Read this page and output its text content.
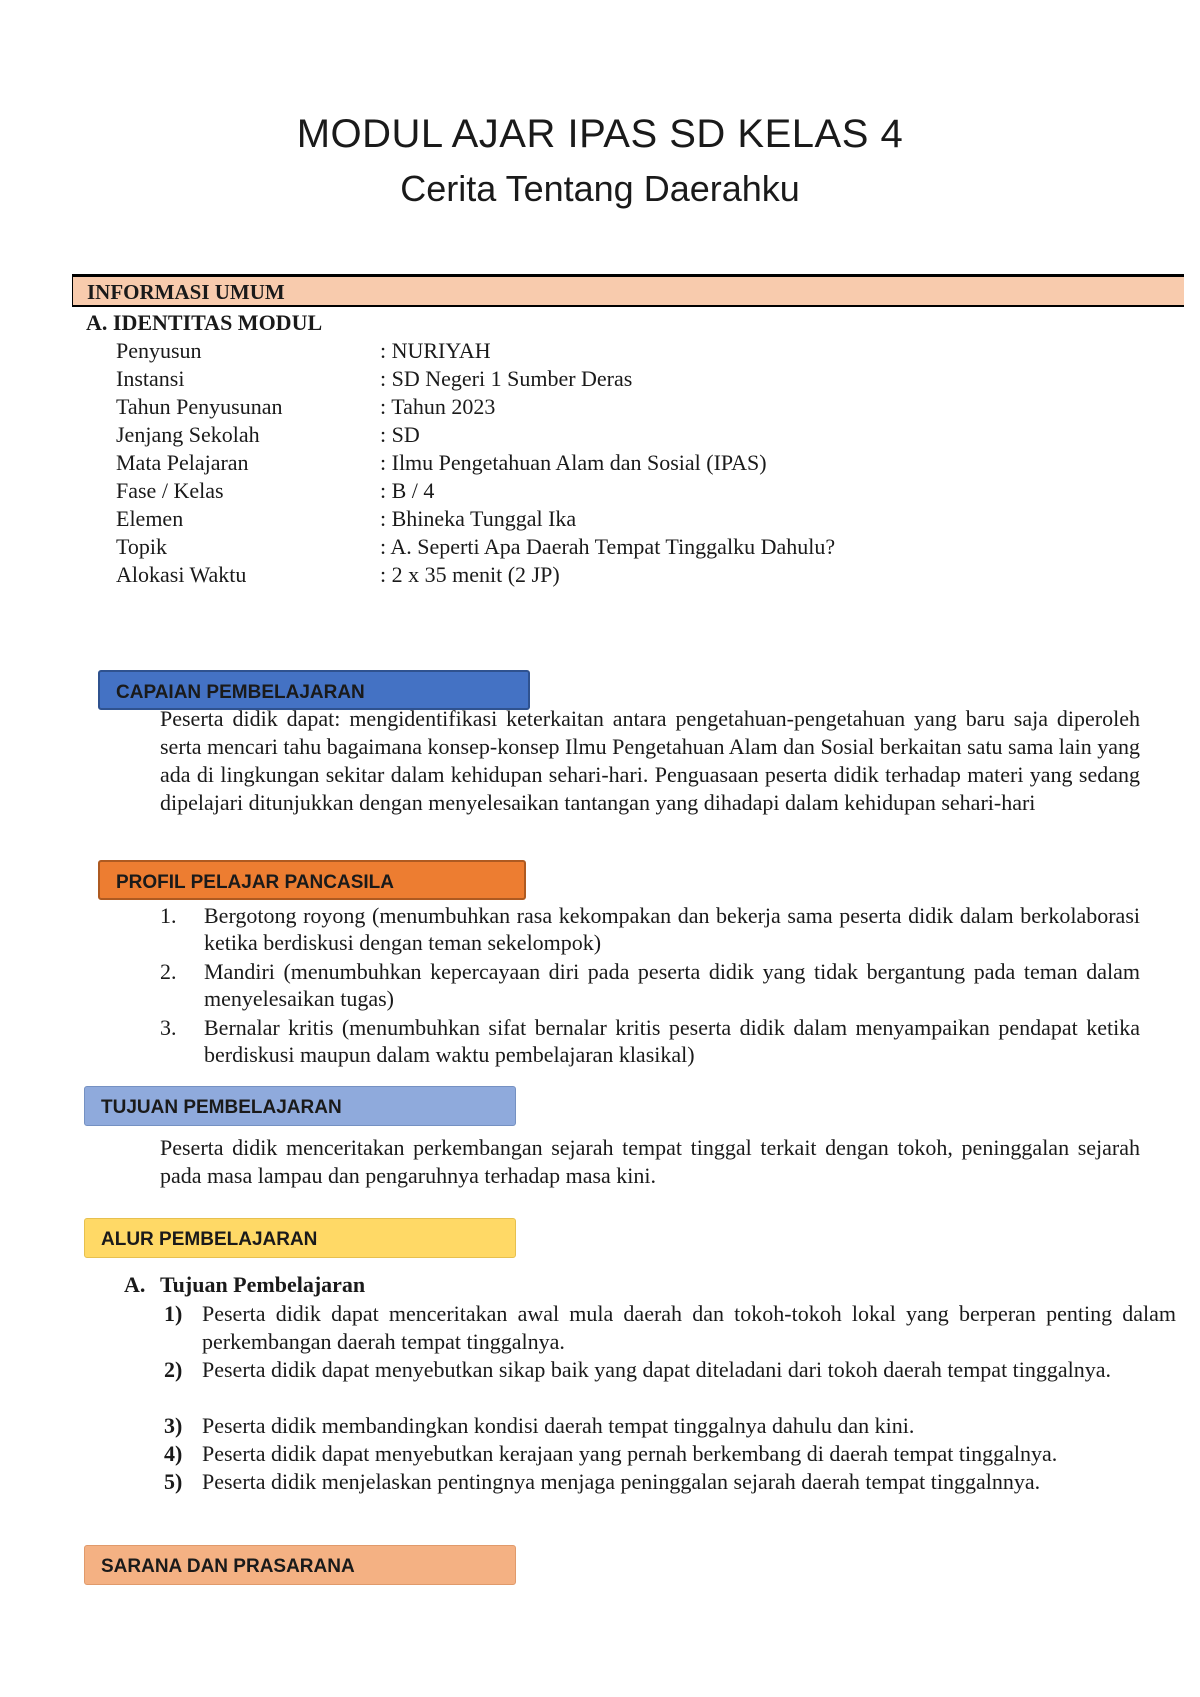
MODUL AJAR IPAS SD KELAS 4
Cerita Tentang Daerahku
INFORMASI UMUM
A. IDENTITAS MODUL
Penyusun	: NURIYAH
Instansi	: SD Negeri 1 Sumber Deras
Tahun Penyusunan	: Tahun 2023
Jenjang Sekolah	: SD
Mata Pelajaran	: Ilmu Pengetahuan Alam dan Sosial (IPAS)
Fase / Kelas	: B / 4
Elemen	: Bhineka Tunggal Ika
Topik	: A. Seperti Apa Daerah Tempat Tinggalku Dahulu?
Alokasi Waktu	: 2 x 35 menit (2 JP)
CAPAIAN PEMBELAJARAN
Peserta didik dapat: mengidentifikasi keterkaitan antara pengetahuan-pengetahuan yang baru saja diperoleh serta mencari tahu bagaimana konsep-konsep Ilmu Pengetahuan Alam dan Sosial berkaitan satu sama lain yang ada di lingkungan sekitar dalam kehidupan sehari-hari. Penguasaan peserta didik terhadap materi yang sedang dipelajari ditunjukkan dengan menyelesaikan tantangan yang dihadapi dalam kehidupan sehari-hari
PROFIL PELAJAR PANCASILA
1. Bergotong royong (menumbuhkan rasa kekompakan dan bekerja sama peserta didik dalam berkolaborasi ketika berdiskusi dengan teman sekelompok)
2. Mandiri (menumbuhkan kepercayaan diri pada peserta didik yang tidak bergantung pada teman dalam menyelesaikan tugas)
3. Bernalar kritis (menumbuhkan sifat bernalar kritis peserta didik dalam menyampaikan pendapat ketika berdiskusi maupun dalam waktu pembelajaran klasikal)
TUJUAN PEMBELAJARAN
Peserta didik menceritakan perkembangan sejarah tempat tinggal terkait dengan tokoh, peninggalan sejarah pada masa lampau dan pengaruhnya terhadap masa kini.
ALUR PEMBELAJARAN
A. Tujuan Pembelajaran
1) Peserta didik dapat menceritakan awal mula daerah dan tokoh-tokoh lokal yang berperan penting dalam perkembangan daerah tempat tinggalnya.
2) Peserta didik dapat menyebutkan sikap baik yang dapat diteladani dari tokoh daerah tempat tinggalnya.
3) Peserta didik membandingkan kondisi daerah tempat tinggalnya dahulu dan kini.
4) Peserta didik dapat menyebutkan kerajaan yang pernah berkembang di daerah tempat tinggalnya.
5) Peserta didik menjelaskan pentingnya menjaga peninggalan sejarah daerah tempat tinggalnnya.
SARANA DAN PRASARANA
